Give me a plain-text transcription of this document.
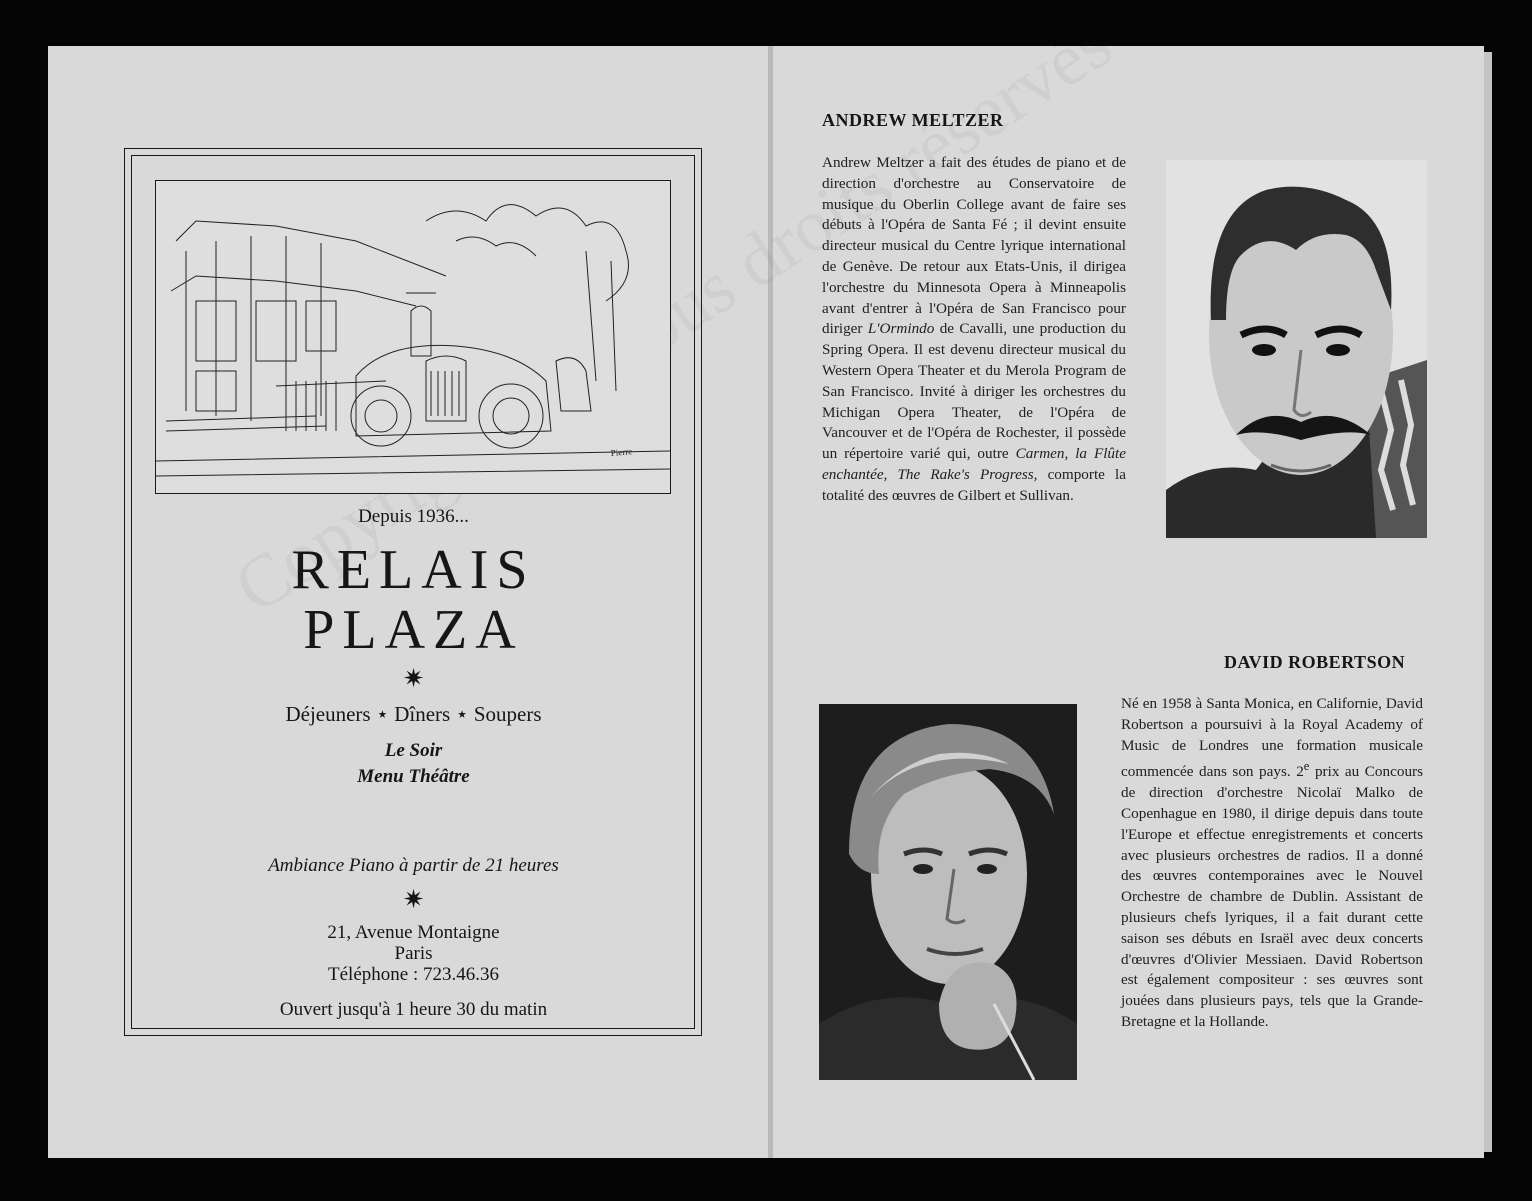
Pierre
Depuis 1936...
RELAIS
PLAZA
✷
Déjeuners ⋆ Dîners ⋆ Soupers
Le Soir
Menu Théâtre
Ambiance Piano à partir de 21 heures
✷
21, Avenue Montaigne
Paris
Téléphone : 723.46.36
Ouvert jusqu'à 1 heure 30 du matin
ANDREW MELTZER
Andrew Meltzer a fait des études de piano et de direction d'orchestre au Conservatoire de musique du Oberlin College avant de faire ses débuts à l'Opéra de Santa Fé ; il devint ensuite directeur musical du Centre lyrique international de Genève. De retour aux Etats-Unis, il dirigea l'orchestre du Minnesota Opera à Minneapolis avant d'entrer à l'Opéra de San Francisco pour diriger L'Ormindo de Cavalli, une production du Spring Opera. Il est devenu directeur musical du Western Opera Theater et du Merola Program de San Francisco. Invité à diriger les orchestres du Michigan Opera Theater, de l'Opéra de Vancouver et de l'Opéra de Rochester, il possède un répertoire varié qui, outre Carmen, la Flûte enchantée, The Rake's Progress, comporte la totalité des œuvres de Gilbert et Sullivan.
DAVID ROBERTSON
Né en 1958 à Santa Monica, en Californie, David Robertson a poursuivi à la Royal Academy of Music de Londres une formation musicale commencée dans son pays. 2e prix au Concours de direction d'orchestre Nicolaï Malko de Copenhague en 1980, il dirige depuis dans toute l'Europe et effectue enregistrements et concerts avec plusieurs orchestres de radios. Il a donné des œuvres contemporaines avec le Nouvel Orchestre de chambre de Dublin. Assistant de plusieurs chefs lyriques, il a fait durant cette saison ses débuts en Israël avec deux concerts d'œuvres d'Olivier Messiaen. David Robertson est également compositeur : ses œuvres sont jouées dans plusieurs pays, tels que la Grande-Bretagne et la Hollande.
